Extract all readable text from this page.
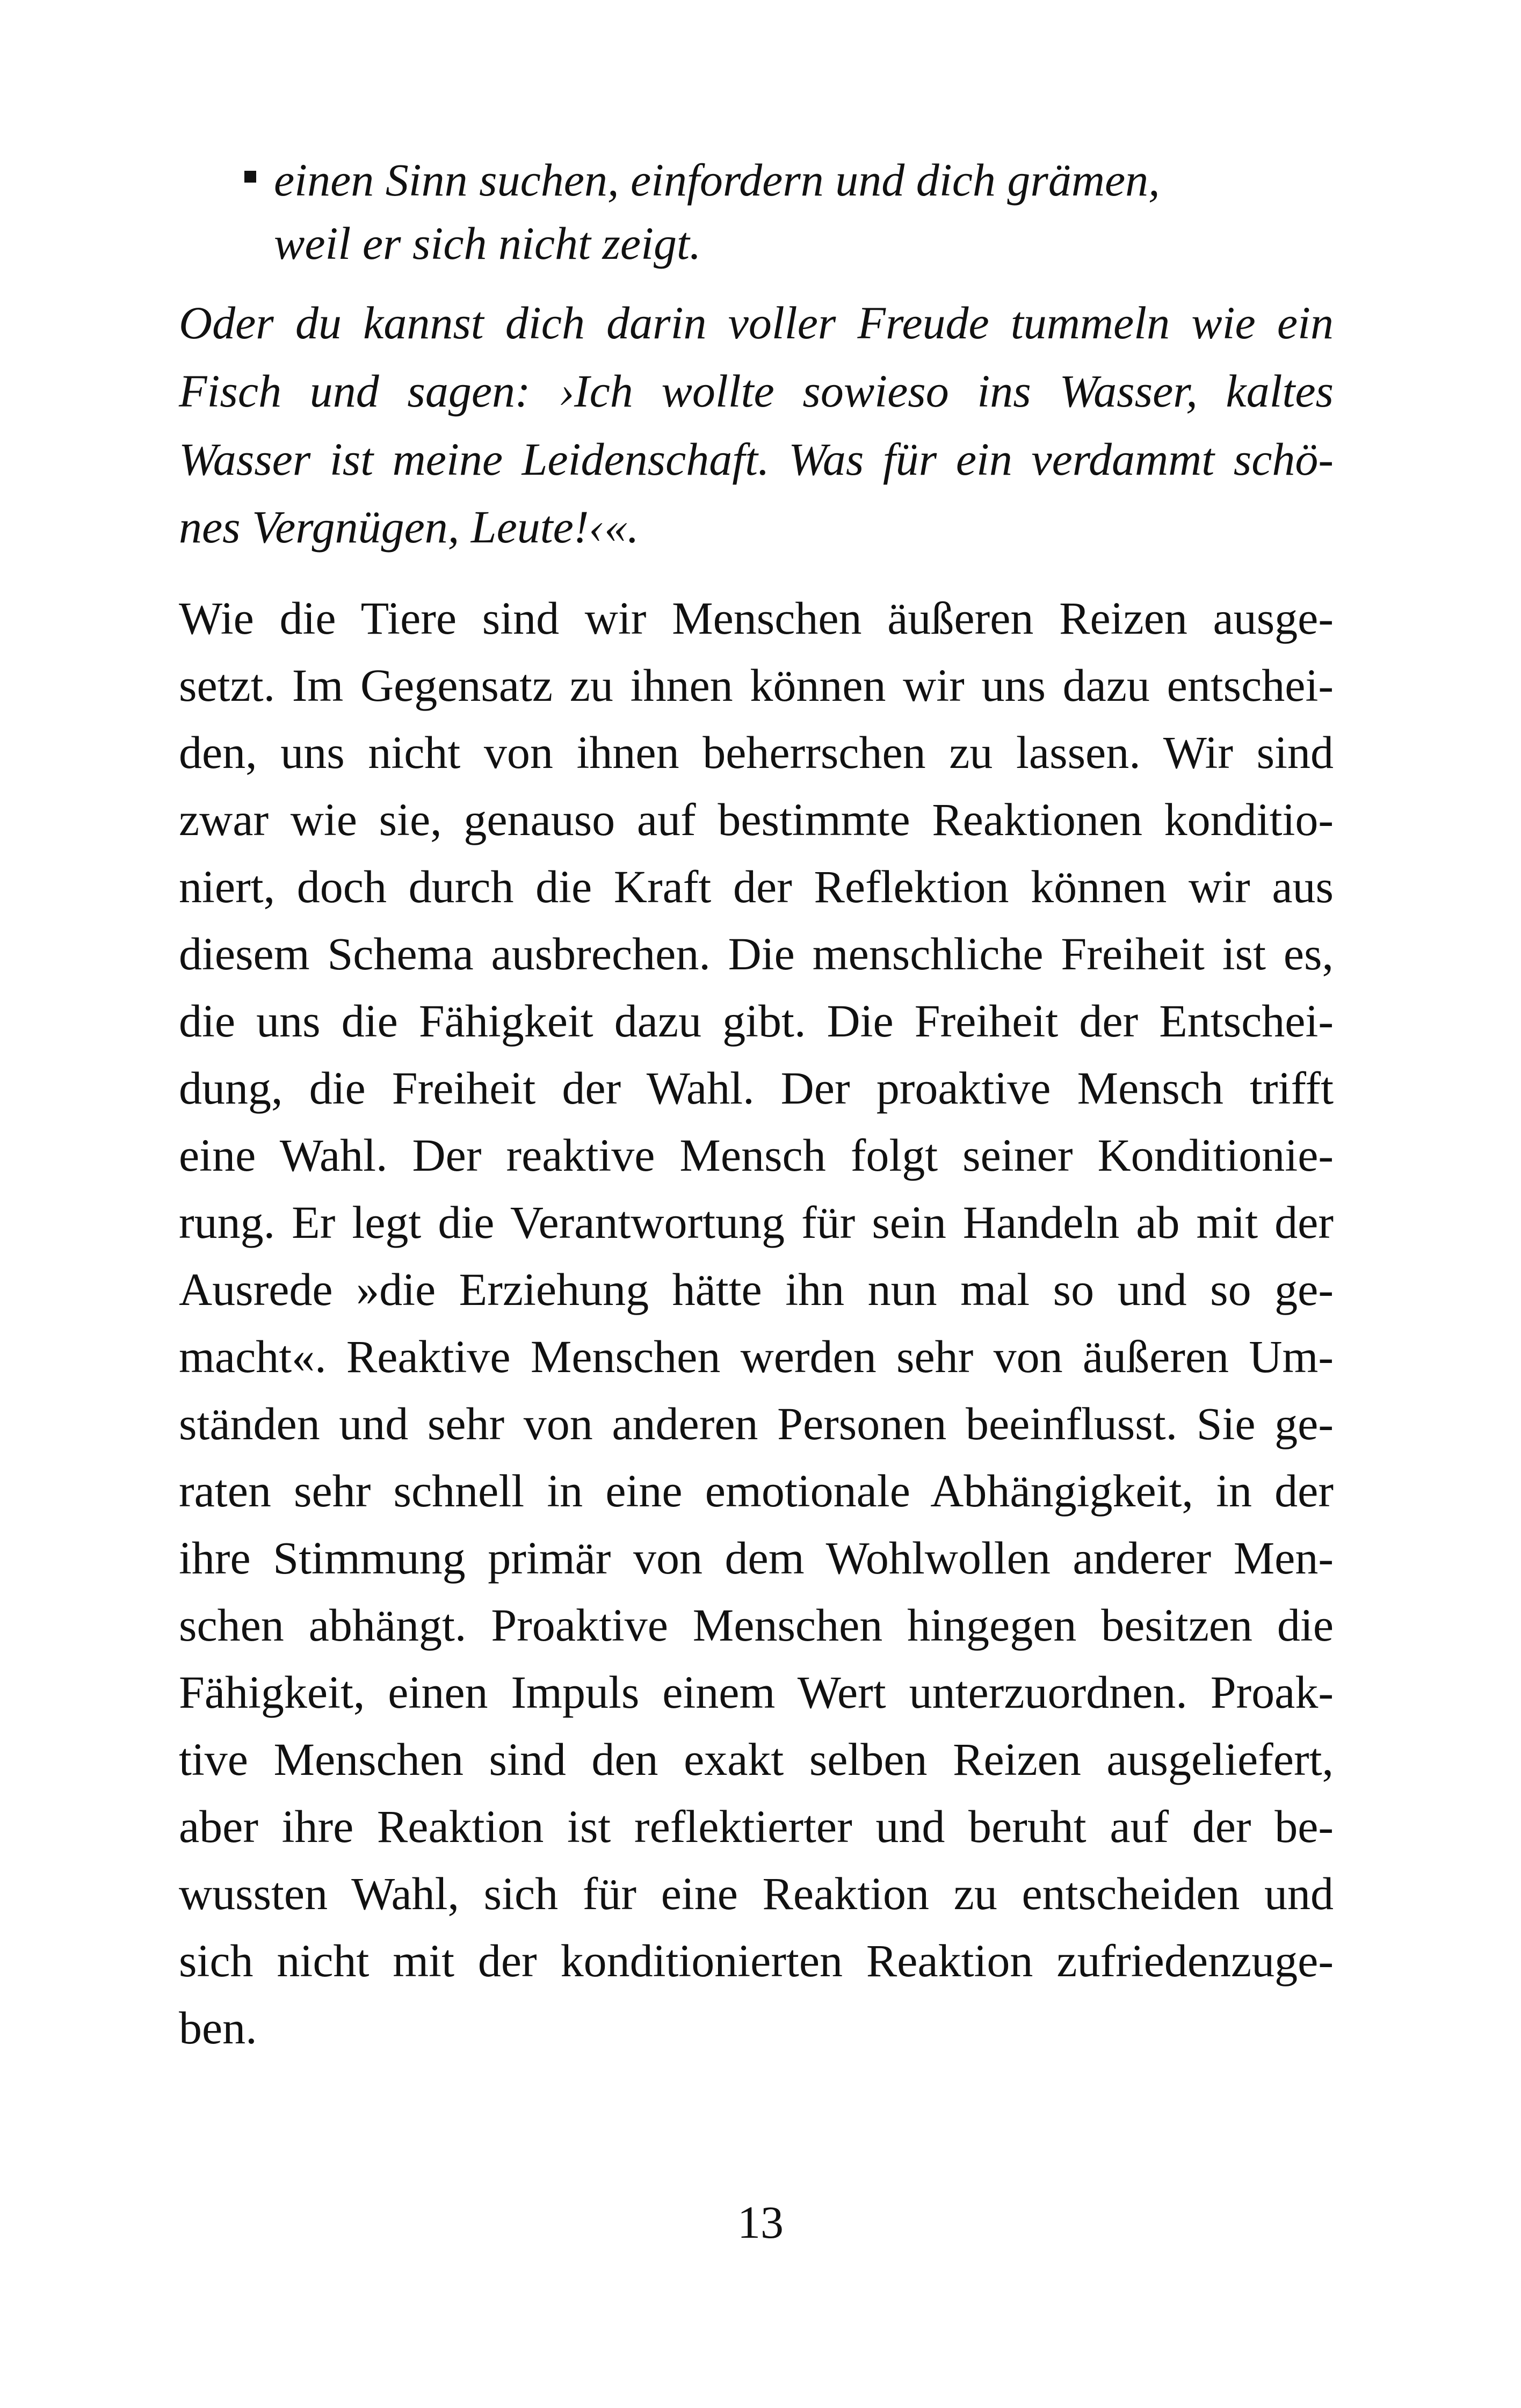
einen Sinn suchen, einfordern und dich grämen,
weil er sich nicht zeigt.
Oder du kannst dich darin voller Freude tummeln wie ein
Fisch und sagen: ›Ich wollte sowieso ins Wasser, kaltes
Wasser ist meine Leidenschaft. Was für ein verdammt schö-
nes Vergnügen, Leute!‹«.
Wie die Tiere sind wir Menschen äußeren Reizen ausge-
setzt. Im Gegensatz zu ihnen können wir uns dazu entschei-
den, uns nicht von ihnen beherrschen zu lassen. Wir sind
zwar wie sie, genauso auf bestimmte Reaktionen konditio-
niert, doch durch die Kraft der Reflektion können wir aus
diesem Schema ausbrechen. Die menschliche Freiheit ist es,
die uns die Fähigkeit dazu gibt. Die Freiheit der Entschei-
dung, die Freiheit der Wahl. Der proaktive Mensch trifft
eine Wahl. Der reaktive Mensch folgt seiner Konditionie-
rung. Er legt die Verantwortung für sein Handeln ab mit der
Ausrede »die Erziehung hätte ihn nun mal so und so ge-
macht«. Reaktive Menschen werden sehr von äußeren Um-
ständen und sehr von anderen Personen beeinflusst. Sie ge-
raten sehr schnell in eine emotionale Abhängigkeit, in der
ihre Stimmung primär von dem Wohlwollen anderer Men-
schen abhängt. Proaktive Menschen hingegen besitzen die
Fähigkeit, einen Impuls einem Wert unterzuordnen. Proak-
tive Menschen sind den exakt selben Reizen ausgeliefert,
aber ihre Reaktion ist reflektierter und beruht auf der be-
wussten Wahl, sich für eine Reaktion zu entscheiden und
sich nicht mit der konditionierten Reaktion zufriedenzuge-
ben.
13
